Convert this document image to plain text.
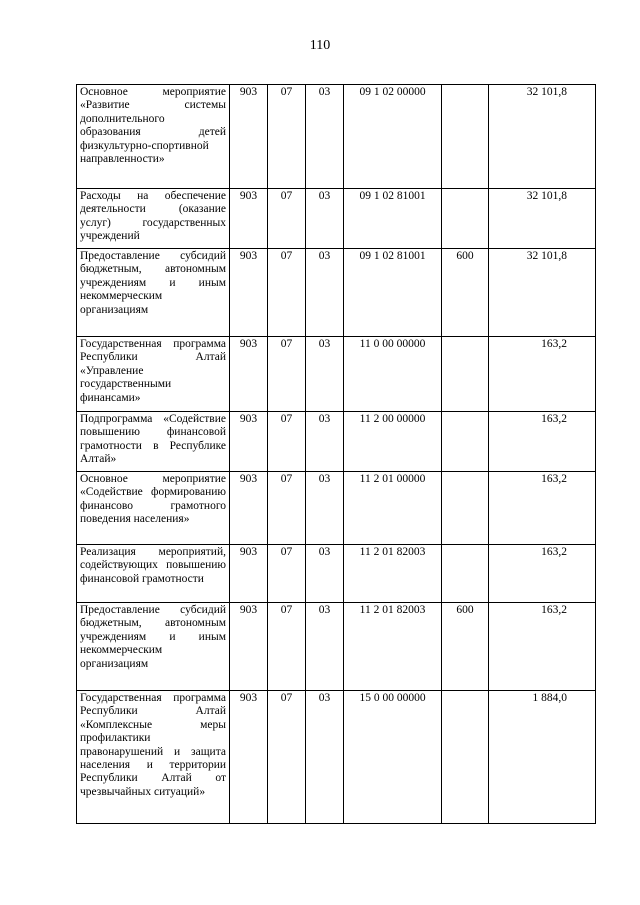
110
Основное мероприятие «Развитие системы дополнительного образования детей физкультурно-спортивной направленности»	903	07	03	09 1 02 00000		32 101,8
Расходы на обеспечение деятельности (оказание услуг) государственных учреждений	903	07	03	09 1 02 81001		32 101,8
Предоставление субсидий бюджетным, автономным учреждениям и иным некоммерческим организациям	903	07	03	09 1 02 81001	600	32 101,8
Государственная программа Республики Алтай «Управление государственными финансами»	903	07	03	11 0 00 00000		163,2
Подпрограмма «Содействие повышению финансовой грамотности в Республике Алтай»	903	07	03	11 2 00 00000		163,2
Основное мероприятие «Содействие формированию финансово грамотного поведения населения»	903	07	03	11 2 01 00000		163,2
Реализация мероприятий, содействующих повышению финансовой грамотности	903	07	03	11 2 01 82003		163,2
Предоставление субсидий бюджетным, автономным учреждениям и иным некоммерческим организациям	903	07	03	11 2 01 82003	600	163,2
Государственная программа Республики Алтай «Комплексные меры профилактики правонарушений и защита населения и территории Республики Алтай от чрезвычайных ситуаций»	903	07	03	15 0 00 00000		1 884,0
